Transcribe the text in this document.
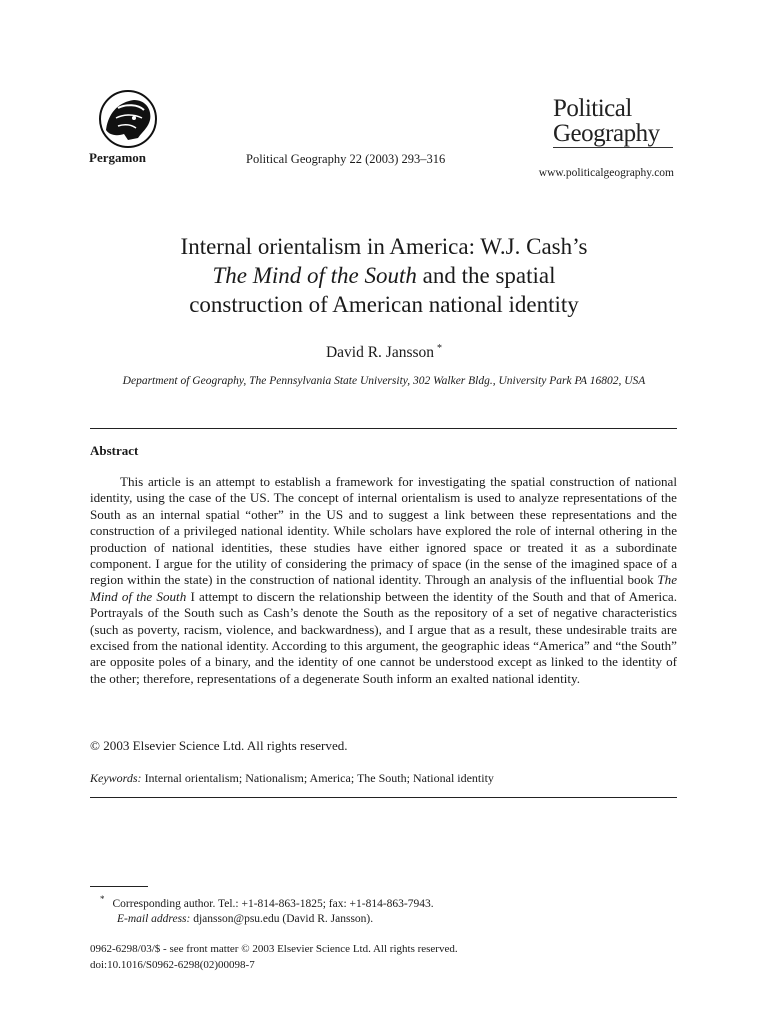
Pergamon	Political Geography 22 (2003) 293–316
Political
Geography
www.politicalgeography.com
Internal orientalism in America: W.J. Cash’s
The Mind of the South and the spatial
construction of American national identity
David R. Jansson *
Department of Geography, The Pennsylvania State University, 302 Walker Bldg., University Park PA 16802, USA
Abstract

This article is an attempt to establish a framework for investigating the spatial construction of national identity, using the case of the US. The concept of internal orientalism is used to analyze representations of the South as an internal spatial “other” in the US and to suggest a link between these representations and the construction of a privileged national identity. While scholars have explored the role of internal othering in the production of national identities, these studies have either ignored space or treated it as a subordinate component. I argue for the utility of considering the primacy of space (in the sense of the imagined space of a region within the state) in the construction of national identity. Through an analysis of the influential book The Mind of the South I attempt to discern the relationship between the identity of the South and that of America. Portrayals of the South such as Cash’s denote the South as the repository of a set of negative characteristics (such as poverty, racism, violence, and backwardness), and I argue that as a result, these undesirable traits are excised from the national identity. According to this argument, the geographic ideas “America” and “the South” are opposite poles of a binary, and the identity of one cannot be understood except as linked to the identity of the other; therefore, representations of a degenerate South inform an exalted national identity.

© 2003 Elsevier Science Ltd. All rights reserved.
Keywords: Internal orientalism; Nationalism; America; The South; National identity
* Corresponding author. Tel.: +1-814-863-1825; fax: +1-814-863-7943.
E-mail address: djansson@psu.edu (David R. Jansson).
0962-6298/03/$ - see front matter © 2003 Elsevier Science Ltd. All rights reserved.
doi:10.1016/S0962-6298(02)00098-7
